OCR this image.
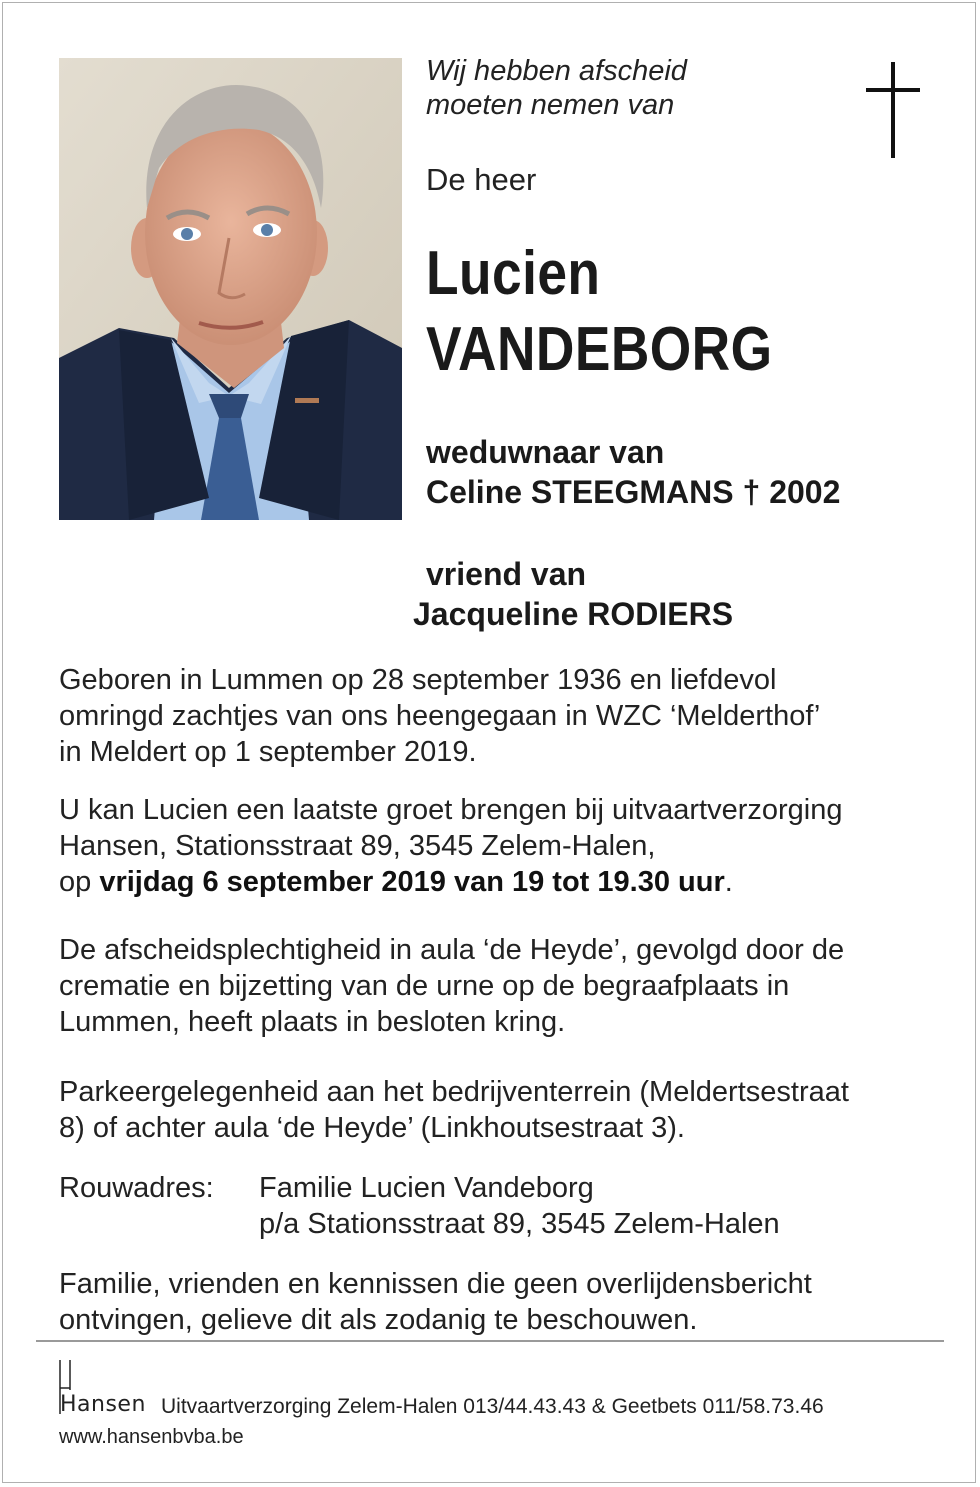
Wij hebben afscheid
moeten nemen van
De heer
Lucien
VANDEBORG
weduwnaar van
Celine STEEGMANS † 2002
vriend van
Jacqueline RODIERS
Geboren in Lummen op 28 september 1936 en liefdevol
omringd zachtjes van ons heengegaan in WZC ‘Melderthof’
in Meldert op 1 september 2019.
U kan Lucien een laatste groet brengen bij uitvaartverzorging
Hansen, Stationsstraat 89, 3545 Zelem-Halen,
op vrijdag 6 september 2019 van 19 tot 19.30 uur.
De afscheidsplechtigheid in aula ‘de Heyde’, gevolgd door de
crematie en bijzetting van de urne op de begraafplaats in
Lummen, heeft plaats in besloten kring.
Parkeergelegenheid aan het bedrijventerrein (Meldertsestraat
8) of achter aula ‘de Heyde’ (Linkhoutsestraat 3).
Rouwadres: Familie Lucien Vandeborg
p/a Stationsstraat 89, 3545 Zelem-Halen
Familie, vrienden en kennissen die geen overlijdensbericht
ontvingen, gelieve dit als zodanig te beschouwen.
Hansen Uitvaartverzorging Zelem-Halen 013/44.43.43 & Geetbets 011/58.73.46
www.hansenbvba.be
